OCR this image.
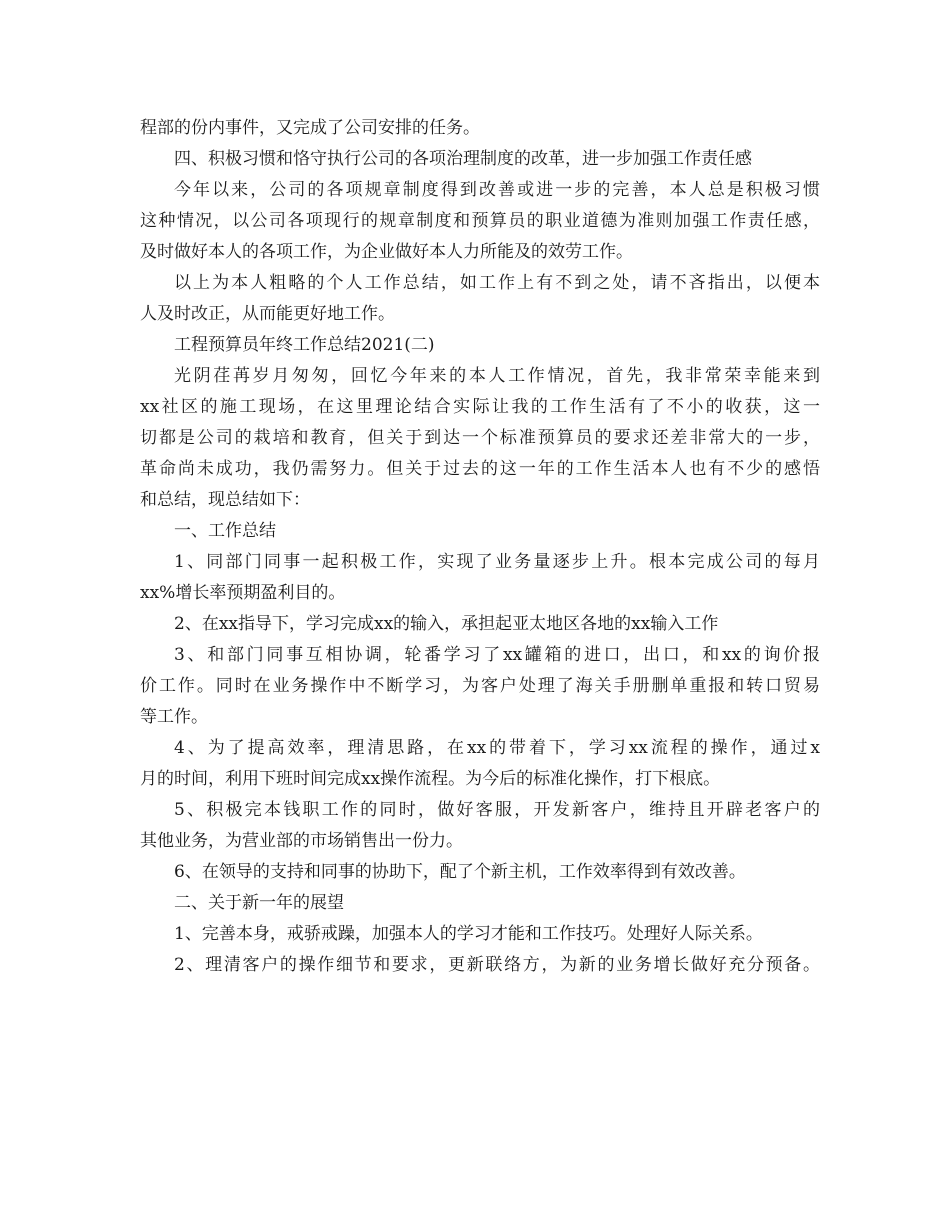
程部的份内事件，又完成了公司安排的任务。
四、积极习惯和恪守执行公司的各项治理制度的改革，进一步加强工作责任感
今年以来，公司的各项规章制度得到改善或进一步的完善，本人总是积极习惯
这种情况，以公司各项现行的规章制度和预算员的职业道德为准则加强工作责任感，
及时做好本人的各项工作，为企业做好本人力所能及的效劳工作。
以上为本人粗略的个人工作总结，如工作上有不到之处，请不吝指出，以便本
人及时改正，从而能更好地工作。
工程预算员年终工作总结2021(二)
光阴荏苒岁月匆匆，回忆今年来的本人工作情况，首先，我非常荣幸能来到
xx社区的施工现场，在这里理论结合实际让我的工作生活有了不小的收获，这一
切都是公司的栽培和教育，但关于到达一个标准预算员的要求还差非常大的一步，
革命尚未成功，我仍需努力。但关于过去的这一年的工作生活本人也有不少的感悟
和总结，现总结如下：
一、工作总结
1、同部门同事一起积极工作，实现了业务量逐步上升。根本完成公司的每月
xx%增长率预期盈利目的。
2、在xx指导下，学习完成xx的输入，承担起亚太地区各地的xx输入工作
3、和部门同事互相协调，轮番学习了xx罐箱的进口，出口，和xx的询价报
价工作。同时在业务操作中不断学习，为客户处理了海关手册删单重报和转口贸易
等工作。
4、为了提高效率，理清思路，在xx的带着下，学习xx流程的操作，通过x
月的时间，利用下班时间完成xx操作流程。为今后的标准化操作，打下根底。
5、积极完本钱职工作的同时，做好客服，开发新客户，维持且开辟老客户的
其他业务，为营业部的市场销售出一份力。
6、在领导的支持和同事的协助下，配了个新主机，工作效率得到有效改善。
二、关于新一年的展望
1、完善本身，戒骄戒躁，加强本人的学习才能和工作技巧。处理好人际关系。
2、理清客户的操作细节和要求，更新联络方，为新的业务增长做好充分预备。
